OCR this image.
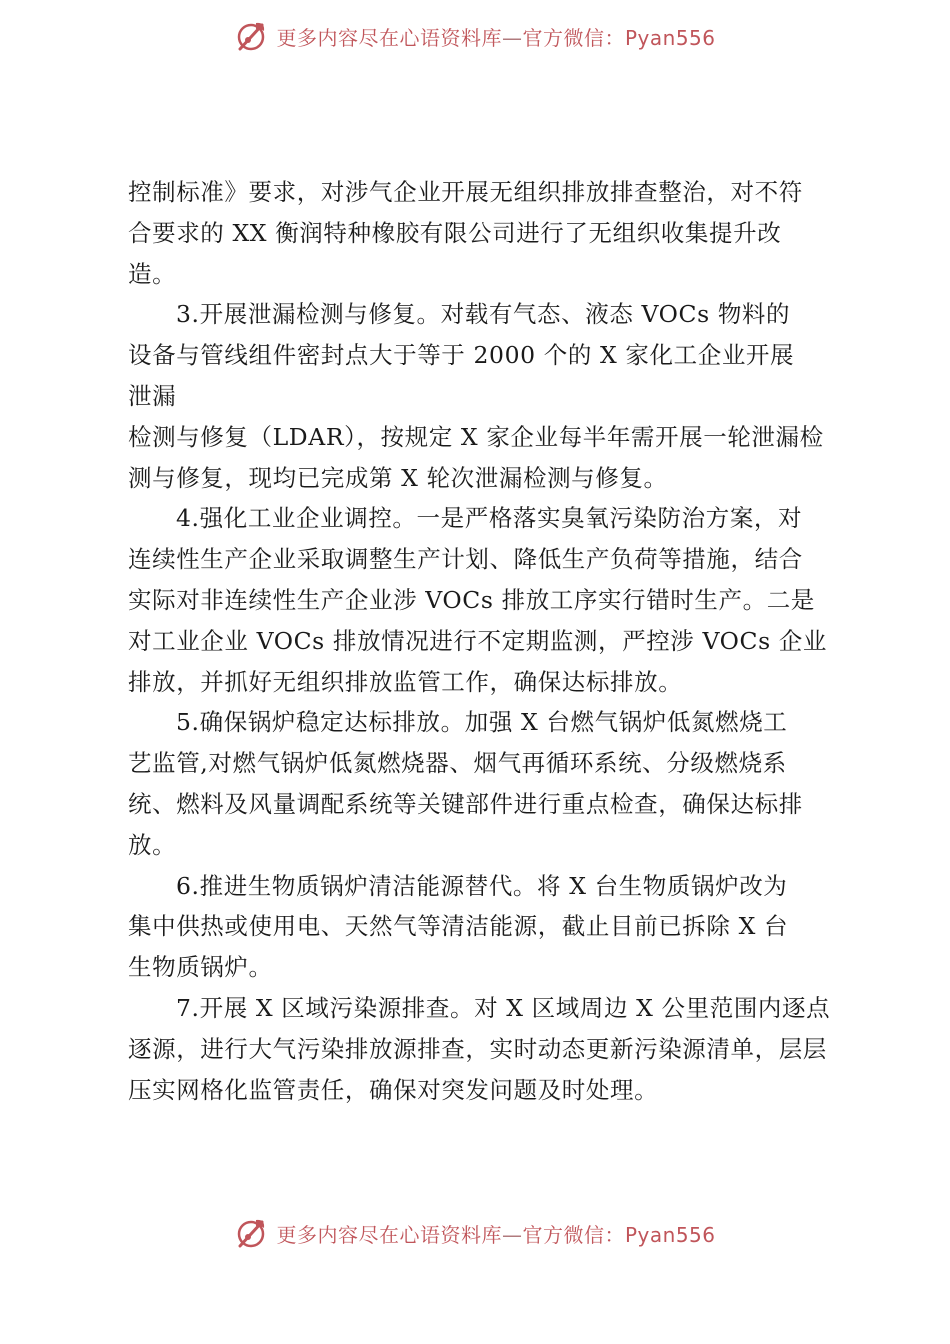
更多内容尽在心语资料库—官方微信：Pyan556
控制标准》要求，对涉气企业开展无组织排放排查整治，对不符
合要求的 XX 衡润特种橡胶有限公司进行了无组织收集提升改
造。
3.开展泄漏检测与修复。对载有气态、液态 VOCs 物料的
设备与管线组件密封点大于等于 2000 个的 X 家化工企业开展
泄漏
检测与修复（LDAR），按规定 X 家企业每半年需开展一轮泄漏检
测与修复，现均已完成第 X 轮次泄漏检测与修复。
4.强化工业企业调控。一是严格落实臭氧污染防治方案，对
连续性生产企业采取调整生产计划、降低生产负荷等措施，结合
实际对非连续性生产企业涉 VOCs 排放工序实行错时生产。二是
对工业企业 VOCs 排放情况进行不定期监测，严控涉 VOCs 企业
排放，并抓好无组织排放监管工作，确保达标排放。
5.确保锅炉稳定达标排放。加强 X 台燃气锅炉低氮燃烧工
艺监管,对燃气锅炉低氮燃烧器、烟气再循环系统、分级燃烧系
统、燃料及风量调配系统等关键部件进行重点检查，确保达标排
放。
6.推进生物质锅炉清洁能源替代。将 X 台生物质锅炉改为
集中供热或使用电、天然气等清洁能源，截止目前已拆除 X 台
生物质锅炉。
7.开展 X 区域污染源排查。对 X 区域周边 X 公里范围内逐点
逐源，进行大气污染排放源排查，实时动态更新污染源清单，层层
压实网格化监管责任，确保对突发问题及时处理。
更多内容尽在心语资料库—官方微信：Pyan556
